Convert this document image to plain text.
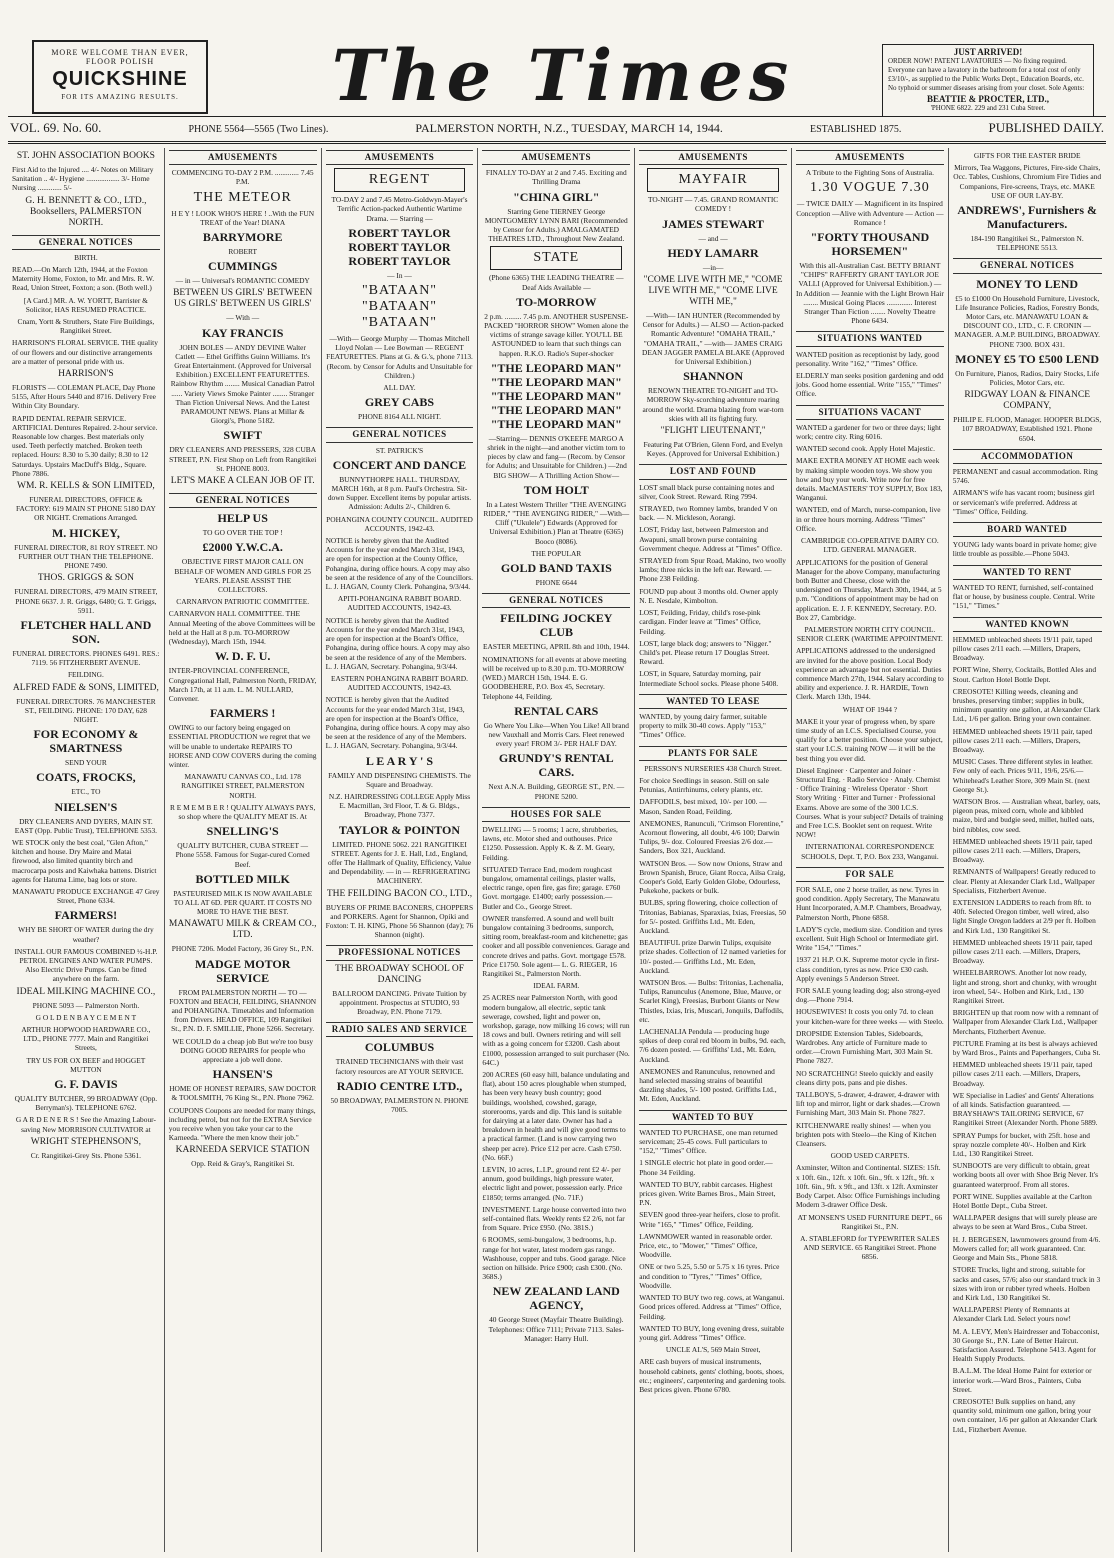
MORE WELCOME THAN EVER,
FLOOR POLISH
QUICKSHINE
FOR ITS AMAZING RESULTS.	The Times	JUST ARRIVED!
ORDER NOW! PATENT LAVATORIES — No fixing required. Everyone can have a lavatory in the bathroom for a total cost of only £3/10/-, as supplied to the Public Works Dept., Education Boards, etc. No typhoid or summer diseases arising from your closet. Sole Agents:
BEATTIE & PROCTER, LTD.,
'PHONE 6822. 229 and 231 Cuba Street.
VOL. 69. No. 60.	PHONE 5564—5565 (Two Lines).	PALMERSTON NORTH, N.Z., TUESDAY, MARCH 14, 1944.	ESTABLISHED 1875.	PUBLISHED DAILY.
ST. JOHN ASSOCIATION BOOKS
First Aid to the Injured .... 4/- Notes on Military Sanitation .. 4/- Hygiene .................. 3/- Home Nursing ............. 5/-
G. H. BENNETT & CO., LTD., Booksellers, PALMERSTON NORTH.
GENERAL NOTICES
BIRTH.
READ.—On March 12th, 1944, at the Foxton Maternity Home, Foxton, to Mr. and Mrs. R. W. Read, Union Street, Foxton; a son. (Both well.)
[A Card.] MR. A. W. YORTT, Barrister & Solicitor, HAS RESUMED PRACTICE.
Cnam, Yortt & Struthers, State Fire Buildings, Rangitikei Street.
HARRISON'S FLORAL SERVICE. THE quality of our flowers and our distinctive arrangements are a matter of personal pride with us.
HARRISON'S
FLORISTS — COLEMAN PLACE, Day Phone 5155, After Hours 5440 and 8716. Delivery Free Within City Boundary.
RAPID DENTAL REPAIR SERVICE. ARTIFICIAL Dentures Repaired. 2-hour service. Reasonable low charges. Best materials only used. Teeth perfectly matched. Broken teeth replaced. Hours: 8.30 to 5.30 daily; 8.30 to 12 Saturdays. Upstairs MacDuff's Bldg., Square. Phone 7886.
WM. R. KELLS & SON LIMITED,
FUNERAL DIRECTORS, OFFICE & FACTORY: 619 MAIN ST PHONE 5180 DAY OR NIGHT. Cremations Arranged.
M. HICKEY,
FUNERAL DIRECTOR, 81 ROY STREET. NO FURTHER OUT THAN THE TELEPHONE. PHONE 7490.
THOS. GRIGGS & SON
FUNERAL DIRECTORS, 479 MAIN STREET, PHONE 6637. J. R. Griggs, 6480; G. T. Griggs, 5911.
FLETCHER HALL AND SON.
FUNERAL DIRECTORS. PHONES 6491. RES.: 7119. 56 FITZHERBERT AVENUE.
FEILDING.
ALFRED FADE & SONS, LIMITED,
FUNERAL DIRECTORS. 76 MANCHESTER ST., FEILDING. PHONE: 170 DAY, 628 NIGHT.
FOR ECONOMY & SMARTNESS
SEND YOUR
COATS, FROCKS,
ETC., TO
NIELSEN'S
DRY CLEANERS AND DYERS, MAIN ST. EAST (Opp. Public Trust), TELEPHONE 5353.
WE STOCK only the best coal, "Glen Afton," kitchen and house. Dry Maire and Matai firewood, also limited quantity birch and macrocarpa posts and Kaiwhaka battens. District agents for Hatuma Lime, bag lots or store.
MANAWATU PRODUCE EXCHANGE 47 Grey Street, Phone 6334.
FARMERS!
WHY BE SHORT OF WATER during the dry weather?
INSTALL OUR FAMOUS COMBINED ½-H.P. PETROL ENGINES AND WATER PUMPS. Also Electric Drive Pumps. Can be fitted anywhere on the farm.
IDEAL MILKING MACHINE CO.,
PHONE 5093 — Palmerston North.
G O L D E N B A Y C E M E N T
ARTHUR HOPWOOD HARDWARE CO., LTD., PHONE 7777. Main and Rangitikei Streets,
TRY US FOR OX BEEF and HOGGET MUTTON
G. F. DAVIS
QUALITY BUTCHER, 99 BROADWAY (Opp. Berryman's). TELEPHONE 6762.
G A R D E N E R S ! See the Amazing Labour-saving New MORRISON CULTIVATOR at
WRIGHT STEPHENSON'S,
Cr. Rangitikei-Grey Sts. Phone 5361.
AMUSEMENTS
COMMENCING TO-DAY 2 P.M. ............. 7.45 P.M.
THE METEOR
H E Y ! LOOK WHO'S HERE ! ..With the FUN TREAT of the Year! DIANA
BARRYMORE
ROBERT
CUMMINGS
— in — Universal's ROMANTIC COMEDY
BETWEEN US GIRLS' BETWEEN US GIRLS' BETWEEN US GIRLS'
— With —
KAY FRANCIS
JOHN BOLES — ANDY DEVINE Walter Catlett — Ethel Griffiths Guinn Williams. It's Great Entertainment. (Approved for Universal Exhibition.) EXCELLENT FEATURETTES. Rainbow Rhythm ........ Musical Canadian Patrol ...... Variety Views Smoke Painter ........ Stranger Than Fiction Universal News. And the Latest PARAMOUNT NEWS. Plans at Millar & Giorgi's, Phone 5182.
SWIFT
DRY CLEANERS AND PRESSERS, 328 CUBA STREET, P.N. First Shop on Left from Rangitikei St. PHONE 8003.
LET'S MAKE A CLEAN JOB OF IT.
GENERAL NOTICES
HELP US
TO GO OVER THE TOP !
£2000 Y.W.C.A.
OBJECTIVE FIRST MAJOR CALL ON BEHALF OF WOMEN AND GIRLS FOR 25 YEARS. PLEASE ASSIST THE COLLECTORS.
CARNARVON PATRIOTIC COMMITTEE.
CARNARVON HALL COMMITTEE. THE Annual Meeting of the above Committees will be held at the Hall at 8 p.m. TO-MORROW (Wednesday), March 15th, 1944.
W. D. F. U.
INTER-PROVINCIAL CONFERENCE, Congregational Hall, Palmerston North, FRIDAY, March 17th, at 11 a.m. L. M. NULLARD, Convener.
FARMERS !
OWING to our factory being engaged on ESSENTIAL PRODUCTION we regret that we will be unable to undertake REPAIRS TO HORSE AND COW COVERS during the coming winter.
MANAWATU CANVAS CO., Ltd. 178 RANGITIKEI STREET, PALMERSTON NORTH.
R E M E M B E R ! QUALITY ALWAYS PAYS, so shop where the QUALITY MEAT IS. At
SNELLING'S
QUALITY BUTCHER, CUBA STREET — Phone 5558. Famous for Sugar-cured Corned Beef.
BOTTLED MILK
PASTEURISED MILK IS NOW AVAILABLE TO ALL AT 6D. PER QUART. IT COSTS NO MORE TO HAVE THE BEST.
MANAWATU MILK & CREAM CO., LTD.
PHONE 7206. Model Factory, 36 Grey St., P.N.
MADGE MOTOR SERVICE
FROM PALMERSTON NORTH — TO — FOXTON and BEACH, FEILDING, SHANNON and POHANGINA. Timetables and Information from Drivers. HEAD OFFICE, 109 Rangitikei St., P.N. D. F. SMILLIE, Phone 5266. Secretary.
WE COULD do a cheap job But we're too busy DOING GOOD REPAIRS for people who appreciate a job well done.
HANSEN'S
HOME OF HONEST REPAIRS, SAW DOCTOR & TOOLSMITH, 76 King St., P.N. Phone 7962.
COUPONS Coupons are needed for many things, including petrol, but not for the EXTRA Service you receive when you take your car to the Karneeda. "Where the men know their job."
KARNEEDA SERVICE STATION
Opp. Reid & Gray's, Rangitikei St.
AMUSEMENTS
REGENT
TO-DAY 2 and 7.45 Metro-Goldwyn-Mayer's Terrific Action-packed Authentic Wartime Drama. — Starring —
ROBERT TAYLOR ROBERT TAYLOR ROBERT TAYLOR
— In —
"BATAAN" "BATAAN" "BATAAN"
—With— George Murphy — Thomas Mitchell Lloyd Nolan — Lee Bowman — REGENT FEATURETTES. Plans at G. & G.'s, phone 7113. (Recom. by Censor for Adults and Unsuitable for Children.)
ALL DAY.
GREY CABS
PHONE 8164 ALL NIGHT.
GENERAL NOTICES
ST. PATRICK'S
CONCERT AND DANCE
BUNNYTHORPE HALL. THURSDAY, MARCH 16th, at 8 p.m. Paul's Orchestra. Sit-down Supper. Excellent items by popular artists. Admission: Adults 2/-, Children 6.
POHANGINA COUNTY COUNCIL. AUDITED ACCOUNTS, 1942-43.
NOTICE is hereby given that the Audited Accounts for the year ended March 31st, 1943, are open for inspection at the County Office, Pohangina, during office hours. A copy may also be seen at the residence of any of the Councillors. L. J. HAGAN, County Clerk. Pohangina, 9/3/44.
APITI-POHANGINA RABBIT BOARD. AUDITED ACCOUNTS, 1942-43.
NOTICE is hereby given that the Audited Accounts for the year ended March 31st, 1943, are open for inspection at the Board's Office, Pohangina, during office hours. A copy may also be seen at the residence of any of the Members. L. J. HAGAN, Secretary. Pohangina, 9/3/44.
EASTERN POHANGINA RABBIT BOARD. AUDITED ACCOUNTS, 1942-43.
NOTICE is hereby given that the Audited Accounts for the year ended March 31st, 1943, are open for inspection at the Board's Office, Pohangina, during office hours. A copy may also be seen at the residence of any of the Members. L. J. HAGAN, Secretary. Pohangina, 9/3/44.
L E A R Y ' S
FAMILY AND DISPENSING CHEMISTS. The Square and Broadway.
N.Z. HAIRDRESSING COLLEGE Apply Miss E. Macmillan, 3rd Floor, T. & G. Bldgs., Broadway, Phone 7377.
TAYLOR & POINTON
LIMITED. PHONE 5062. 221 RANGITIKEI STREET. Agents for J. E. Hall, Ltd., England, offer The Hallmark of Quality, Efficiency, Value and Dependability. — in — REFRIGERATING MACHINERY.
THE FEILDING BACON CO., LTD.,
BUYERS OF PRIME BACONERS, CHOPPERS and PORKERS. Agent for Shannon, Opiki and Foxton: T. H. KING, Phone 56 Shannon (day); 76 Shannon (night).
PROFESSIONAL NOTICES
THE BROADWAY SCHOOL OF DANCING
BALLROOM DANCING. Private Tuition by appointment. Prospectus at STUDIO, 93 Broadway, P.N. Phone 7179.
RADIO SALES AND SERVICE
COLUMBUS
TRAINED TECHNICIANS with their vast factory resources are AT YOUR SERVICE.
RADIO CENTRE LTD.,
50 BROADWAY, PALMERSTON N. PHONE 7005.
AMUSEMENTS
FINALLY TO-DAY at 2 and 7.45. Exciting and Thrilling Drama
"CHINA GIRL"
Starring Gene TIERNEY George MONTGOMERY LYNN BARI (Recommended by Censor for Adults.) AMALGAMATED THEATRES LTD., Throughout New Zealand.
STATE
(Phone 6365) THE LEADING THEATRE — Deaf Aids Available —
TO-MORROW
2 p.m. ......... 7.45 p.m. ANOTHER SUSPENSE-PACKED "HORROR SHOW" Women alone the victims of strange savage killer. YOU'LL BE ASTOUNDED to learn that such things can happen. R.K.O. Radio's Super-shocker
"THE LEOPARD MAN" "THE LEOPARD MAN" "THE LEOPARD MAN" "THE LEOPARD MAN" "THE LEOPARD MAN"
—Starring— DENNIS O'KEEFE MARGO A shriek in the night—and another victim torn to pieces by claw and fang— (Recom. by Censor for Adults; and Unsuitable for Children.) —2nd BIG SHOW— A Thrilling Action Show—
TOM HOLT
In a Latest Western Thriller "THE AVENGING RIDER," "THE AVENGING RIDER," —With— Cliff ("Ukulele") Edwards (Approved for Universal Exhibition.) Plan at Theatre (6365) Booco (8086).
THE POPULAR
GOLD BAND TAXIS
PHONE 6644
GENERAL NOTICES
FEILDING JOCKEY CLUB
EASTER MEETING, APRIL 8th and 10th, 1944.
NOMINATIONS for all events at above meeting will be received up to 8.30 p.m. TO-MORROW (WED.) MARCH 15th, 1944. E. G. GOODBEHERE, P.O. Box 45, Secretary. Telephone 44, Feilding.
RENTAL CARS
Go Where You Like—When You Like! All brand new Vauxhall and Morris Cars. Fleet renewed every year! FROM 3/- PER HALF DAY.
GRUNDY'S RENTAL CARS.
Next A.N.A. Building, GEORGE ST., P.N. — PHONE 5200.
HOUSES FOR SALE
DWELLING — 5 rooms; 1 acre, shrubberies, lawns, etc. Motor shed and outhouses. Price £1250. Possession. Apply K. & Z. M. Geary, Feilding.
SITUATED Terrace End, modern roughcast bungalow, ornamental ceilings, plaster walls, electric range, open fire, gas fire; garage. £760 Govt. mortgage. £1400; early possession.— Butler and Co., George Street.
OWNER transferred. A sound and well built bungalow containing 3 bedrooms, sunporch, sitting room, breakfast-room and kitchenette; gas cooker and all possible conveniences. Garage and concrete drives and paths. Govt. mortgage £578. Price £1750. Sole agent— L. G. RIEGER, 16 Rangitikei St., Palmerston North.
IDEAL FARM.
25 ACRES near Palmerston North, with good modern bungalow, all electric, septic tank sewerage, cowshed, light and power on, workshop, garage, now milking 16 cows; will run 18 cows and bull. Owners retiring and will sell with as a going concern for £3200. Cash about £1000, possession arranged to suit purchaser (No. 64C.)
200 ACRES (60 easy hill, balance undulating and flat), about 150 acres ploughable when stumped, has been very heavy bush country; good buildings, woolshed, cowshed, garage, storerooms, yards and dip. This land is suitable for dairying at a later date. Owner has had a breakdown in health and will give good terms to a practical farmer. (Land is now carrying two sheep per acre). Price £12 per acre. Cash £750. (No. 66F.)
LEVIN, 10 acres, L.I.P., ground rent £2 4/- per annum, good buildings, high pressure water, electric light and power, possession early. Price £1850; terms arranged. (No. 71F.)
INVESTMENT. Large house converted into two self-contained flats. Weekly rents £2 2/6, not far from Square. Price £950. (No. 381S.)
6 ROOMS, semi-bungalow, 3 bedrooms, h.p. range for hot water, latest modern gas range. Washhouse, copper and tubs. Good garage. Nice section on hillside. Price £900; cash £300. (No. 368S.)
NEW ZEALAND LAND AGENCY,
40 George Street (Mayfair Theatre Building). Telephones: Office 7111; Private 7113. Sales-Manager: Harry Hull.
AMUSEMENTS
MAYFAIR
TO-NIGHT — 7.45. GRAND ROMANTIC COMEDY !
JAMES STEWART
— and —
HEDY LAMARR
—in—
"COME LIVE WITH ME," "COME LIVE WITH ME," "COME LIVE WITH ME,"
—With— IAN HUNTER (Recommended by Censor for Adults.) — ALSO — Action-packed Romantic Adventure! "OMAHA TRAIL," "OMAHA TRAIL," —with— JAMES CRAIG DEAN JAGGER PAMELA BLAKE (Approved for Universal Exhibition.)
SHANNON
RENOWN THEATRE TO-NIGHT and TO-MORROW Sky-scorching adventure roaring around the world. Drama blazing from war-torn skies with all its fighting fury.
"FLIGHT LIEUTENANT,"
Featuring Pat O'Brien, Glenn Ford, and Evelyn Keyes. (Approved for Universal Exhibition.)
LOST AND FOUND
LOST small black purse containing notes and silver, Cook Street. Reward. Ring 7994.
STRAYED, two Romney lambs, branded V on back. — N. Mickleson, Aorangi.
LOST, Friday last, between Palmerston and Awapuni, small brown purse containing Government cheque. Address at "Times" Office.
STRAYED from Spur Road, Makino, two woolly lambs; three nicks in the left ear. Reward. — Phone 238 Feilding.
FOUND pup about 3 months old. Owner apply N. E. Nesdale, Kimbolton.
LOST, Feilding, Friday, child's rose-pink cardigan. Finder leave at "Times" Office, Feilding.
LOST, large black dog; answers to "Nigger." Child's pet. Please return 17 Douglas Street. Reward.
LOST, in Square, Saturday morning, pair Intermediate School socks. Please phone 5408.
WANTED TO LEASE
WANTED, by young dairy farmer, suitable property to milk 30-40 cows. Apply "153," "Times" Office.
PLANTS FOR SALE
PERSSON'S NURSERIES 438 Church Street.
For choice Seedlings in season. Still on sale Petunias, Antirrhinums, celery plants, etc.
DAFFODILS, best mixed, 10/- per 100. —Mason, Sanden Road, Feilding.
ANEMONES, Ranunculi, "Crimson Florentine," Acornout flowering, all doubt, 4/6 100; Darwin Tulips, 9/- doz. Coloured Freesias 2/6 doz.— Sanders, Box 321, Auckland.
WATSON Bros. — Sow now Onions, Straw and Brown Spanish, Bruce, Giant Rocca, Ailsa Craig, Cooper's Gold, Early Golden Globe, Odourless, Pukekohe, packets or bulk.
BULBS, spring flowering, choice collection of Tritonias, Babianas, Sparaxias, Ixias, Freesias, 50 for 5/- posted. Griffiths Ltd., Mt. Eden, Auckland.
BEAUTIFUL prize Darwin Tulips, exquisite prize shades. Collection of 12 named varieties for 10/- posted.— Griffiths Ltd., Mt. Eden, Auckland.
WATSON Bros. — Bulbs: Tritonias, Lachenalia, Tulips, Ranunculus (Anemone, Blue, Mauve, or Scarlet King), Freesias, Burbont Giants or New Thistles, Ixias, Iris, Muscari, Jonquils, Daffodils, etc.
LACHENALIA Pendula — producing huge spikes of deep coral red bloom in bulbs, 9d. each, 7/6 dozen posted. — Griffiths' Ltd., Mt. Eden, Auckland.
ANEMONES and Ranunculus, renowned and hand selected massing strains of beautiful dazzling shades, 5/- 100 posted. Griffiths Ltd., Mt. Eden, Auckland.
WANTED TO BUY
WANTED TO PURCHASE, one man returned serviceman; 25-45 cows. Full particulars to "152," "Times" Office.
1 SINGLE electric hot plate in good order.—Phone 34 Feilding.
WANTED TO BUY, rabbit carcases. Highest prices given. Write Barnes Bros., Main Street, P.N.
SEVEN good three-year heifers, close to profit. Write "165," "Times" Office, Feilding.
LAWNMOWER wanted in reasonable order. Price, etc., to "Mower," "Times" Office, Woodville.
ONE or two 5.25, 5.50 or 5.75 x 16 tyres. Price and condition to "Tyres," "Times" Office, Woodville.
WANTED TO BUY two reg. cows, at Wanganui. Good prices offered. Address at "Times" Office, Feilding.
WANTED TO BUY, long evening dress, suitable young girl. Address "Times" Office.
UNCLE AL'S, 569 Main Street,
ARE cash buyers of musical instruments, household cabinets, gents' clothing, boots, shoes, etc.; engineers', carpentering and gardening tools. Best prices given. Phone 6780.
AMUSEMENTS
A Tribute to the Fighting Sons of Australia.
1.30 VOGUE 7.30
— TWICE DAILY — Magnificent in its Inspired Conception —Alive with Adventure — Action — Romance !
"FORTY THOUSAND HORSEMEN"
With this all-Australian Cast. BETTY BRIANT "CHIPS" RAFFERTY GRANT TAYLOR JOE VALLI (Approved for Universal Exhibition.) — In Addition — Jeannie with the Light Brown Hair ........ Musical Going Places .............. Interest Stranger Than Fiction ........ Novelty Theatre Phone 6434.
SITUATIONS WANTED
WANTED position as receptionist by lady, good personality. Write "162," "Times" Office.
ELDERLY man seeks position gardening and odd jobs. Good home essential. Write "155," "Times" Office.
SITUATIONS VACANT
WANTED a gardener for two or three days; light work; centre city. Ring 6016.
WANTED second cook. Apply Hotel Majestic.
MAKE EXTRA MONEY AT HOME each week by making simple wooden toys. We show you how and buy your work. Write now for free details. MacMASTERS' TOY SUPPLY, Box 183, Wanganui.
WANTED, end of March, nurse-companion, live in or three hours morning. Address "Times" Office.
CAMBRIDGE CO-OPERATIVE DAIRY CO. LTD. GENERAL MANAGER.
APPLICATIONS for the position of General Manager for the above Company, manufacturing both Butter and Cheese, close with the undersigned on Thursday, March 30th, 1944, at 5 p.m. "Conditions of appointment may be had on application. E. J. F. KENNEDY, Secretary. P.O. Box 27, Cambridge.
PALMERSTON NORTH CITY COUNCIL. SENIOR CLERK (WARTIME APPOINTMENT.
APPLICATIONS addressed to the undersigned are invited for the above position. Local Body experience an advantage but not essential. Duties commence March 27th, 1944. Salary according to ability and experience. J. R. HARDIE, Town Clerk. March 13th, 1944.
WHAT OF 1944 ?
MAKE it your year of progress when, by spare time study of an I.C.S. Specialised Course, you qualify for a better position. Choose your subject, start your I.C.S. training NOW — it will be the best thing you ever did.
Diesel Engineer · Carpenter and Joiner · Structural Eng. · Radio Service · Analy. Chemist · Office Training · Wireless Operator · Short Story Writing · Fitter and Turner · Professional Exams. Above are some of the 300 I.C.S. Courses. What is your subject? Details of training and Free I.C.S. Booklet sent on request. Write NOW!
INTERNATIONAL CORRESPONDENCE SCHOOLS, Dept. T, P.O. Box 233, Wanganui.
FOR SALE
FOR SALE, one 2 horse trailer, as new. Tyres in good condition. Apply Secretary, The Manawatu Hunt Incorporated, A.M.P. Chambers, Broadway, Palmerston North, Phone 6858.
LADY'S cycle, medium size. Condition and tyres excellent. Suit High School or Intermediate girl. Write "154," "Times."
1937 21 H.P. O.K. Supreme motor cycle in first-class condition, tyres as new. Price £30 cash. Apply evenings 5 Anderson Street.
FOR SALE young leading dog; also strong-eyed dog.—Phone 7914.
HOUSEWIVES! It costs you only 7d. to clean your kitchen-ware for three weeks — with Steelo.
DROPSIDE Extension Tables, Sideboards, Wardrobes. Any article of Furniture made to order.—Crown Furnishing Mart, 303 Main St. Phone 7827.
NO SCRATCHING! Steelo quickly and easily cleans dirty pots, pans and pie dishes.
TALLBOYS, 5-drawer, 4-drawer, 4-drawer with lift top and mirror, light or dark shades.—Crown Furnishing Mart, 303 Main St. Phone 7827.
KITCHENWARE really shines! — when you brighten pots with Steelo—the King of Kitchen Cleansers.
GOOD USED CARPETS.
Axminster, Wilton and Continental. SIZES: 15ft. x 10ft. 6in., 12ft. x 10ft. 6in., 9ft. x 12ft., 9ft. x 10ft. 6in., 9ft. x 9ft., and 13ft. x 12ft. Axminster Body Carpet. Also: Office Furnishings including Modern 3-drawer Office Desk.
AT MONSEN'S USED FURNITURE DEPT., 66 Rangitikei St., P.N.
A. STABLEFORD for TYPEWRITER SALES AND SERVICE. 65 Rangitikei Street. Phone 6856.
GIFTS FOR THE EASTER BRIDE
Mirrors, Tea Waggons, Pictures, Fire-side Chairs, Occ. Tables, Cushions, Chromium Fire Tidies and Companions, Fire-screens, Trays, etc. MAKE USE OF OUR LAY-BY.
ANDREWS', Furnishers & Manufacturers.
184-190 Rangitikei St., Palmerston N. TELEPHONE 5513.
GENERAL NOTICES
MONEY TO LEND
£5 to £1000 On Household Furniture, Livestock, Life Insurance Policies, Radios, Forestry Bonds, Motor Cars, etc. MANAWATU LOAN & DISCOUNT CO., LTD., C. F. CRONIN — MANAGER. A.M.P. BUILDING, BROADWAY. PHONE 7300. BOX 431.
MONEY £5 TO £500 LEND
On Furniture, Pianos, Radios, Dairy Stocks, Life Policies, Motor Cars, etc.
RIDGWAY LOAN & FINANCE COMPANY,
PHILIP E. FLOOD, Manager. HOOPER BLDGS, 107 BROADWAY, Established 1921. Phone 6504.
ACCOMMODATION
PERMANENT and casual accommodation. Ring 5746.
AIRMAN'S wife has vacant room; business girl or serviceman's wife preferred. Address at "Times" Office, Feilding.
BOARD WANTED
YOUNG lady wants board in private home; give little trouble as possible.—Phone 5043.
WANTED TO RENT
WANTED TO RENT, furnished, self-contained flat or house, by business couple. Central. Write "151," "Times."
WANTED KNOWN
HEMMED unbleached sheets 19/11 pair, taped pillow cases 2/11 each. —Millers, Drapers, Broadway.
PORT Wine, Sherry, Cocktails, Bottled Ales and Stout. Carlton Hotel Bottle Dept.
CREOSOTE! Killing weeds, cleaning and brushes, preserving timber; supplies in bulk, minimum quantity one gallon, at Alexander Clark Ltd., 1/6 per gallon. Bring your own container.
HEMMED unbleached sheets 19/11 pair, taped pillow cases 2/11 each. —Millers, Drapers, Broadway.
MUSIC Cases. Three different styles in leather. Few only of each. Prices 9/11, 19/6, 25/6.—Whitehead's Leather Store, 309 Main St. (next George St.).
WATSON Bros. — Australian wheat, barley, oats, pigeon peas, mixed corn, whole and kibbled maize, bird and budgie seed, millet, hulled oats, bird nibbles, cow seed.
HEMMED unbleached sheets 19/11 pair, taped pillow cases 2/11 each. —Millers, Drapers, Broadway.
REMNANTS of Wallpapers! Greatly reduced to clear. Plenty at Alexander Clark Ltd., Wallpaper Specialists, Fitzherbert Avenue.
EXTENSION LADDERS to reach from 8ft. to 40ft. Selected Oregon timber, well wired, also light Single Oregon ladders at 2/9 per ft. Holben and Kirk Ltd., 130 Rangitikei St.
HEMMED unbleached sheets 19/11 pair, taped pillow cases 2/11 each. —Millers, Drapers, Broadway.
WHEELBARROWS. Another lot now ready, light and strong, short and chunky, with wrought iron wheel, 54/-. Holben and Kirk, Ltd., 130 Rangitikei Street.
BRIGHTEN up that room now with a remnant of Wallpaper from Alexander Clark Ltd., Wallpaper Merchants, Fitzherbert Avenue.
PICTURE Framing at its best is always achieved by Ward Bros., Paints and Paperhangers, Cuba St.
HEMMED unbleached sheets 19/11 pair, taped pillow cases 2/11 each. —Millers, Drapers, Broadway.
WE Specialise in Ladies' and Gents' Alterations of all kinds. Satisfaction guaranteed. — BRAYSHAW'S TAILORING SERVICE, 67 Rangitikei Street (Alexander North. Phone 5889.
SPRAY Pumps for bucket, with 25ft. hose and spray nozzle complete 40/-. Holben and Kirk Ltd., 130 Rangitikei Street.
SUNBOOTS are very difficult to obtain, great working boots all over with Shoe Brig Never. It's guaranteed waterproof. From all stores.
PORT WINE. Supplies available at the Carlton Hotel Bottle Dept., Cuba Street.
WALLPAPER designs that will surely please are always to be seen at Ward Bros., Cuba Street.
H. J. BERGESEN, lawnmowers ground from 4/6. Mowers called for; all work guaranteed. Cnr. George and Main Sts., Phone 5818.
STORE Trucks, light and strong, suitable for sacks and cases, 57/6; also our standard truck in 3 sizes with iron or rubber tyred wheels. Holben and Kirk Ltd., 130 Rangitikei St.
WALLPAPERS! Plenty of Remnants at Alexander Clark Ltd. Select yours now!
M. A. LEVY, Men's Hairdresser and Tobacconist, 30 George St., P.N. Late of Better Haircut. Satisfaction Assured. Telephone 5413. Agent for Health Supply Products.
B.A.L.M. The Ideal Home Paint for exterior or interior work.—Ward Bros., Painters, Cuba Street.
CREOSOTE! Bulk supplies on hand, any quantity sold, minimum one gallon, bring your own container, 1/6 per gallon at Alexander Clark Ltd., Fitzherbert Avenue.
